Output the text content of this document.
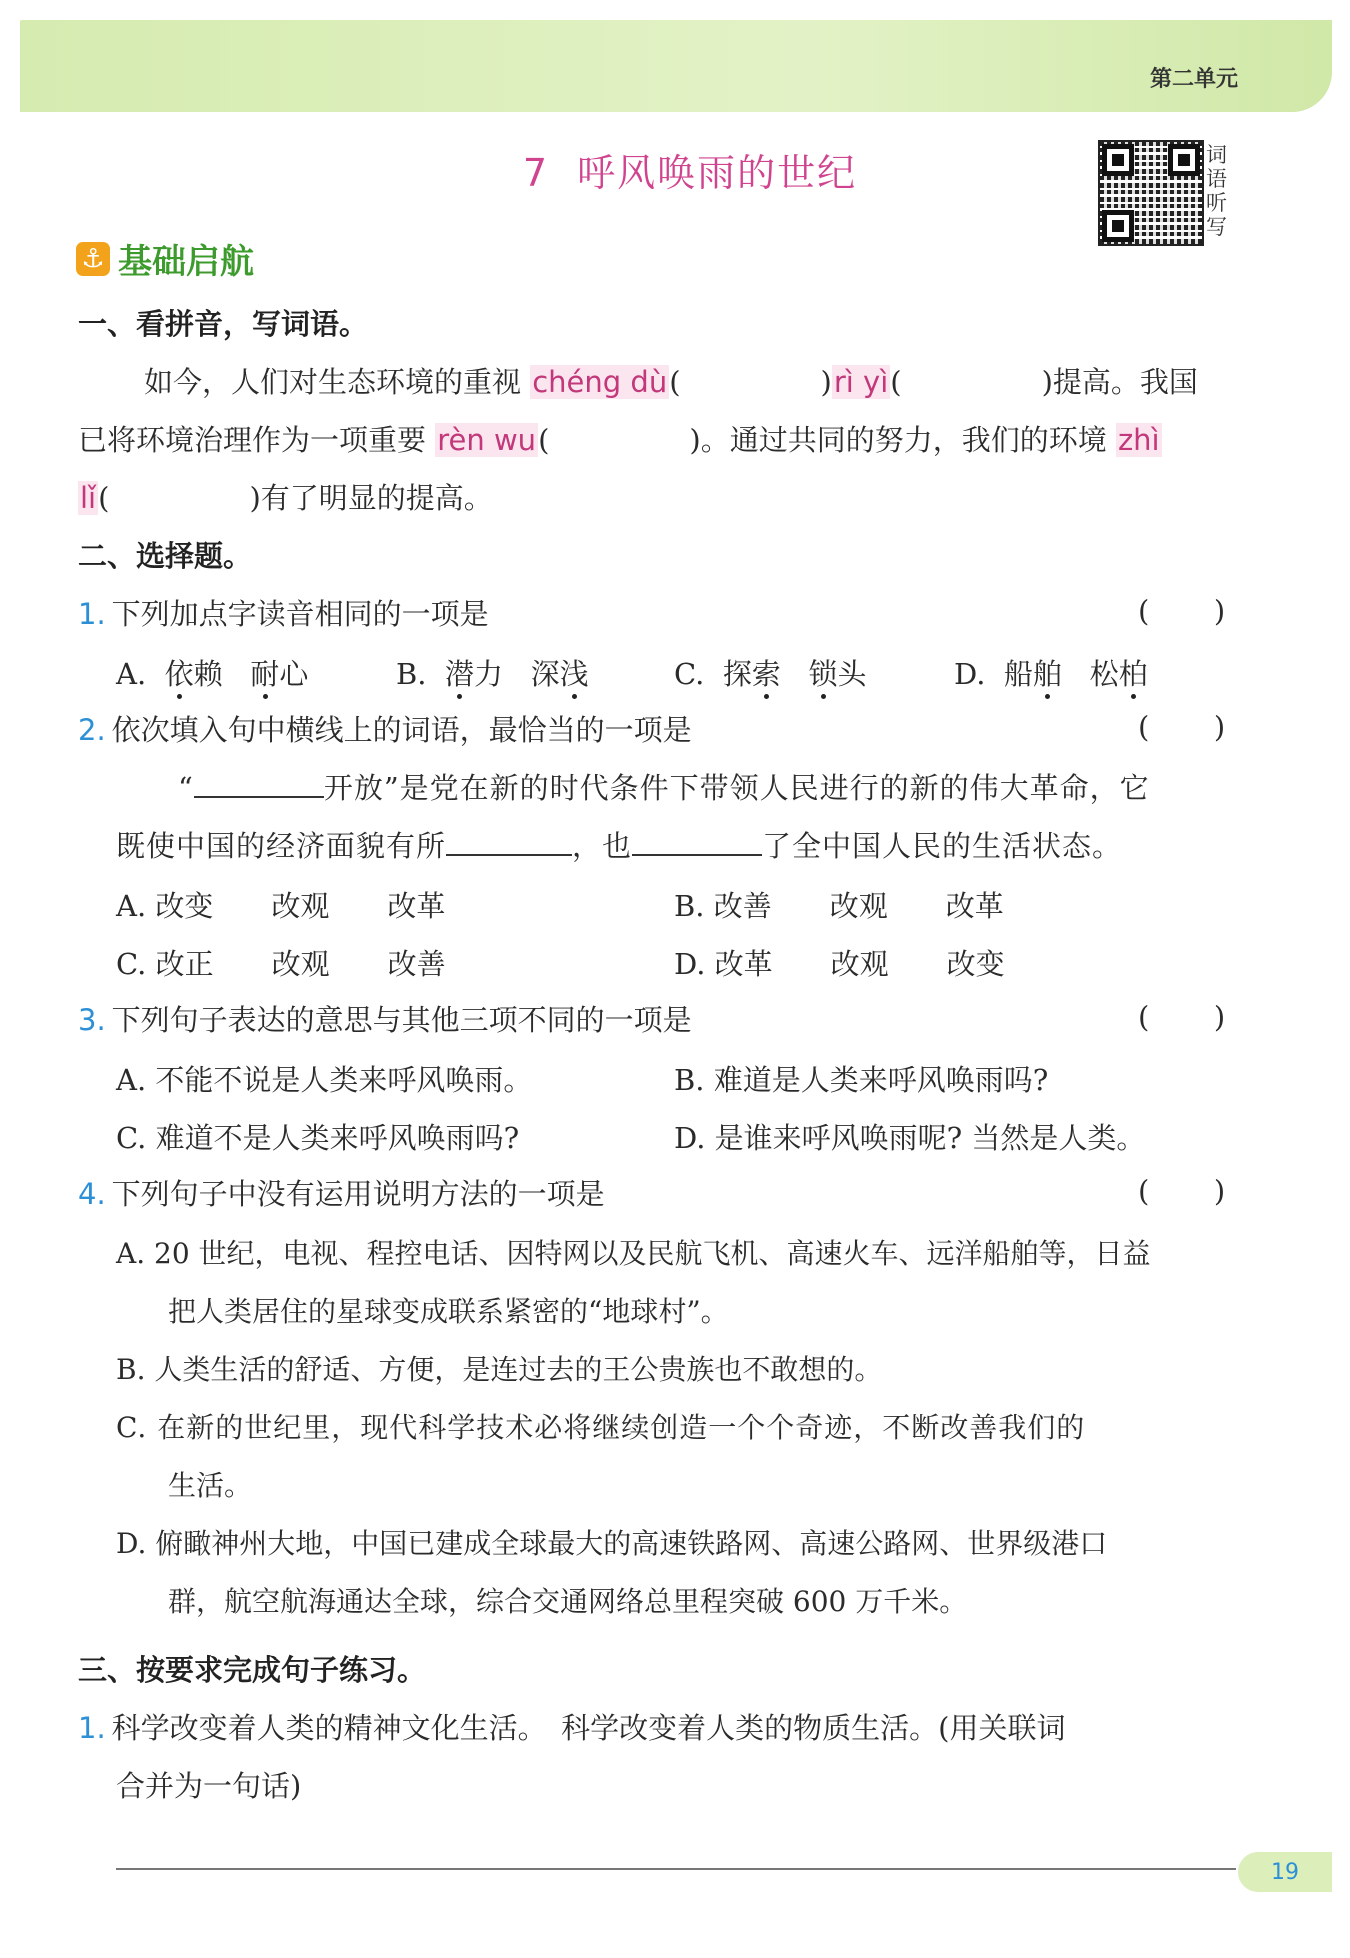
第二单元
7 呼风唤雨的世纪	词
语
听
写
⚓ 基础启航
一、看拼音，写词语。
如今，人们对生态环境的重视 chéng dù(	)rì yì(	)提高。我国
已将环境治理作为一项重要 rèn wu(	)。通过共同的努力，我们的环境 zhì
lǐ(	)有了明显的提高。
二、选择题。
1. 下列加点字读音相同的一项是	(       )
A. 依赖 耐心	B. 潜力 深浅	C. 探索 锁头	D. 船舶 松柏
2. 依次填入句中横线上的词语，最恰当的一项是	(       )
“	开放”是党在新的时代条件下带领人民进行的新的伟大革命，它
既使中国的经济面貌有所	，也	了全中国人民的生活状态。
A. 改变　　改观　　改革	B. 改善　　改观　　改革
C. 改正　　改观　　改善	D. 改革　　改观　　改变
3. 下列句子表达的意思与其他三项不同的一项是	(       )
A. 不能不说是人类来呼风唤雨。	B. 难道是人类来呼风唤雨吗?
C. 难道不是人类来呼风唤雨吗?	D. 是谁来呼风唤雨呢? 当然是人类。
4. 下列句子中没有运用说明方法的一项是	(       )
A. 20 世纪，电视、程控电话、因特网以及民航飞机、高速火车、远洋船舶等，日益
把人类居住的星球变成联系紧密的“地球村”。
B. 人类生活的舒适、方便，是连过去的王公贵族也不敢想的。
C. 在新的世纪里，现代科学技术必将继续创造一个个奇迹，不断改善我们的
生活。
D. 俯瞰神州大地，中国已建成全球最大的高速铁路网、高速公路网、世界级港口
群，航空航海通达全球，综合交通网络总里程突破 600 万千米。
三、按要求完成句子练习。
1. 科学改变着人类的精神文化生活。　科学改变着人类的物质生活。(用关联词
合并为一句话)
19
